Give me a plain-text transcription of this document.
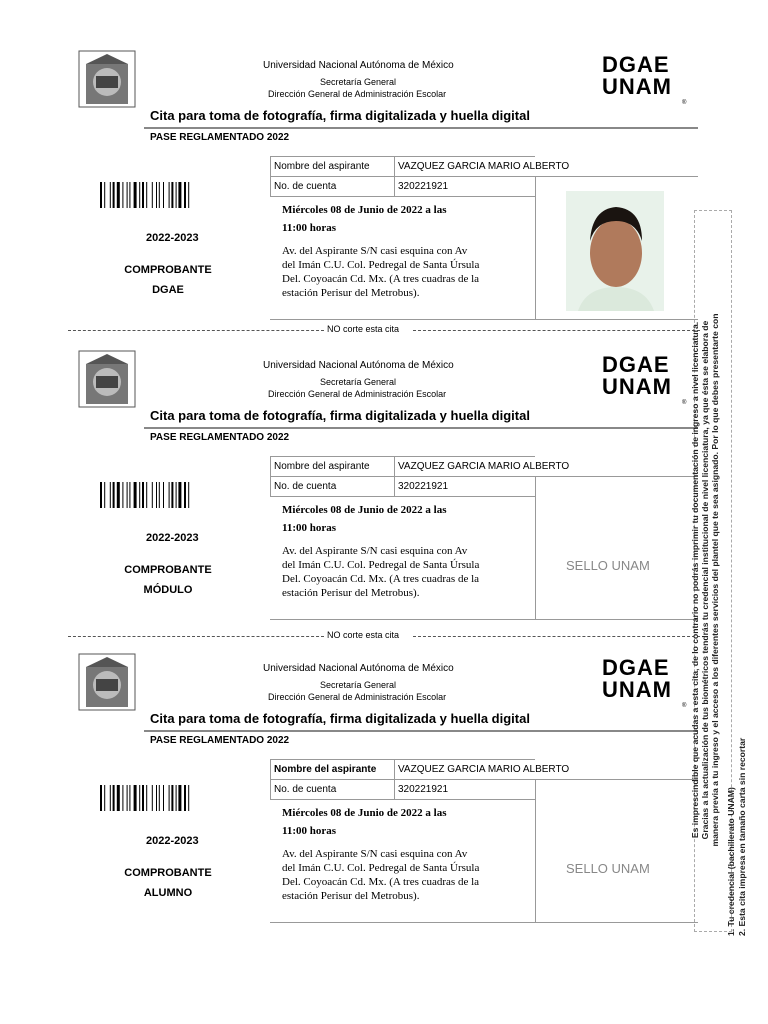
Universidad Nacional Autónoma de México
Secretaría General
Dirección General de Administración Escolar
DGAE
UNAM
®
Cita para toma de fotografía, firma digitalizada y huella digital
PASE REGLAMENTADO 2022
2022-2023
COMPROBANTE
DGAE
Nombre del aspirante	VAZQUEZ GARCIA MARIO ALBERTO
No. de cuenta	320221921
Miércoles 08 de Junio de 2022 a las
11:00 horas
Av. del Aspirante S/N casi esquina con Av
del Imán C.U. Col. Pedregal de Santa Úrsula
Del. Coyoacán Cd. Mx. (A tres cuadras de la
estación Perisur del Metrobus).
NO corte esta cita
Universidad Nacional Autónoma de México
Secretaría General
Dirección General de Administración Escolar
DGAE
UNAM
®
Cita para toma de fotografía, firma digitalizada y huella digital
PASE REGLAMENTADO 2022
2022-2023
COMPROBANTE
MÓDULO
Nombre del aspirante	VAZQUEZ GARCIA MARIO ALBERTO
No. de cuenta	320221921
Miércoles 08 de Junio de 2022 a las
11:00 horas
Av. del Aspirante S/N casi esquina con Av
del Imán C.U. Col. Pedregal de Santa Úrsula
Del. Coyoacán Cd. Mx. (A tres cuadras de la
estación Perisur del Metrobus).
SELLO UNAM
NO corte esta cita
Universidad Nacional Autónoma de México
Secretaría General
Dirección General de Administración Escolar
DGAE
UNAM
®
Cita para toma de fotografía, firma digitalizada y huella digital
PASE REGLAMENTADO 2022
2022-2023
COMPROBANTE
ALUMNO
Nombre del aspirante VAZQUEZ GARCIA MARIO ALBERTO
No. de cuenta	320221921
Miércoles 08 de Junio de 2022 a las
11:00 horas
Av. del Aspirante S/N casi esquina con Av
del Imán C.U. Col. Pedregal de Santa Úrsula
Del. Coyoacán Cd. Mx. (A tres cuadras de la
estación Perisur del Metrobus).
SELLO UNAM
Es imprescindible que acudas a esta cita, de lo contrario no podrás imprimir tu documentación de ingreso a nivel licenciatura. Gracias a la actualización de tus biométricos tendrás tu credencial institucional de nivel licenciatura, ya que ésta se elabora de manera previa a tu ingreso y el acceso a los diferentes servicios del plantel que te sea asignado. Por lo que debes presentarte con
1. Tu credencial (bachillerato UNAM) 2. Esta cita impresa en tamaño carta sin recortar
